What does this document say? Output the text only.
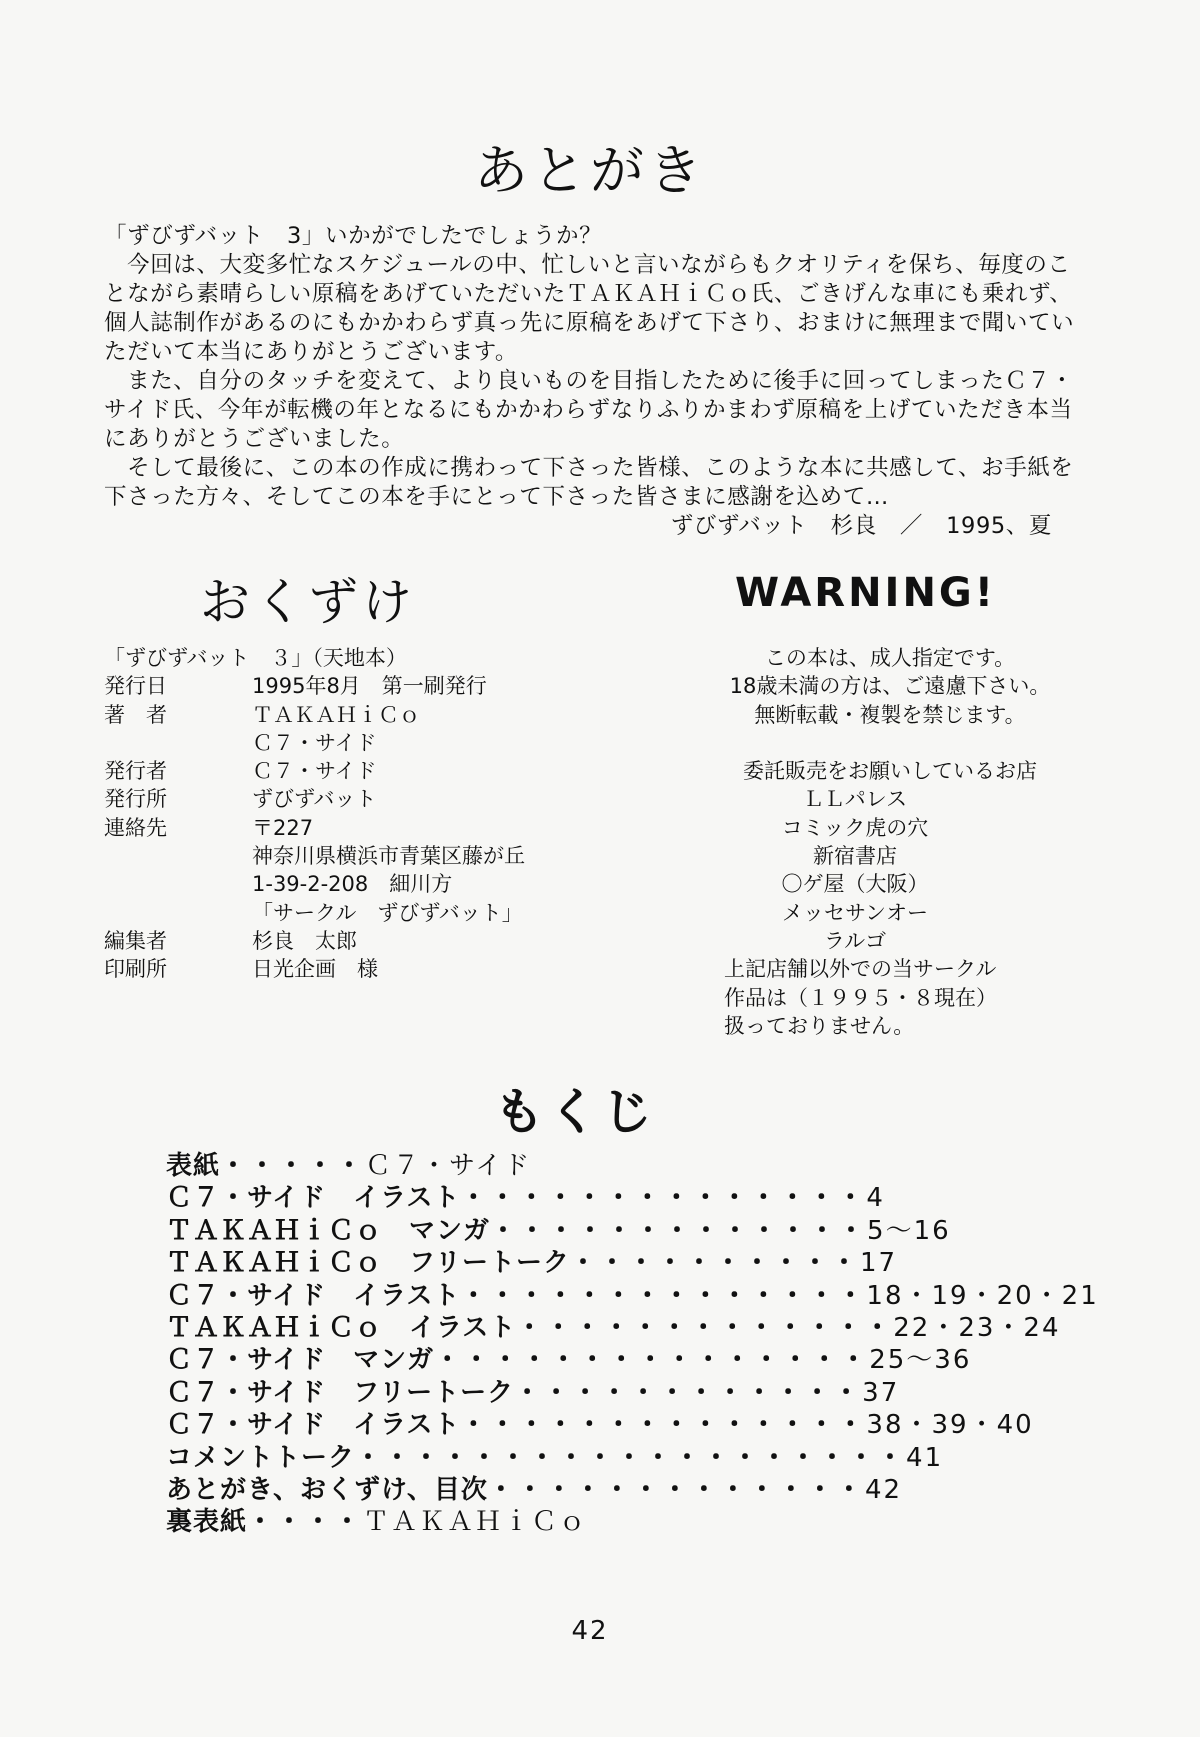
あとがき

「ずびずバット　3」いかがでしたでしょうか？

　今回は、大変多忙なスケジュールの中、忙しいと言いながらもクオリティを保ち、毎度のことながら素晴らしい原稿をあげていただいたＴＡＫＡＨｉＣｏ氏、ごきげんな車にも乗れず、個人誌制作があるのにもかかわらず真っ先に原稿をあげて下さり、おまけに無理まで聞いていただいて本当にありがとうございます。

　また、自分のタッチを変えて、より良いものを目指したために後手に回ってしまったＣ７・サイド氏、今年が転機の年となるにもかかわらずなりふりかまわず原稿を上げていただき本当にありがとうございました。

　そして最後に、この本の作成に携わって下さった皆様、このような本に共感して、お手紙を下さった方々、そしてこの本を手にとって下さった皆さまに感謝を込めて…

ずびずバット　杉良　／　1995、夏

おくずけ	WARNING!
「ずびずバット　３」（天地本）
発行日	1995年8月　第一刷発行
著　者	ＴＡＫＡＨｉＣｏ
Ｃ７・サイド
発行者	Ｃ７・サイド
発行所	ずびずバット
連絡先	〒227
神奈川県横浜市青葉区藤が丘
1-39-2-208　細川方
「サークル　ずびずバット」
編集者	杉良　太郎
印刷所	日光企画　様
この本は、成人指定です。
18歳未満の方は、ご遠慮下さい。
無断転載・複製を禁じます。
委託販売をお願いしているお店
ＬＬパレス
コミック虎の穴
新宿書店
〇ゲ屋（大阪）
メッセサンオー
ラルゴ
上記店舗以外での当サークル
作品は（１９９５・８現在）
扱っておりません。
もくじ
表紙 ・・・・・ Ｃ７・サイド
Ｃ７・サイド　イラスト ・・・・・・・・・・・・・・ 4
ＴＡＫＡＨｉＣｏ　マンガ ・・・・・・・・・・・・・ 5～16
ＴＡＫＡＨｉＣｏ　フリートーク ・・・・・・・・・・ 17
Ｃ７・サイド　イラスト ・・・・・・・・・・・・・・ 18・19・20・21
ＴＡＫＡＨｉＣｏ　イラスト ・・・・・・・・・・・・・ 22・23・24
Ｃ７・サイド　マンガ ・・・・・・・・・・・・・・・ 25～36
Ｃ７・サイド　フリートーク ・・・・・・・・・・・・ 37
Ｃ７・サイド　イラスト ・・・・・・・・・・・・・・ 38・39・40
コメントトーク ・・・・・・・・・・・・・・・・・・・ 41
あとがき、おくずけ、目次 ・・・・・・・・・・・・・ 42
裏表紙 ・・・・ ＴＡＫＡＨｉＣｏ
42
